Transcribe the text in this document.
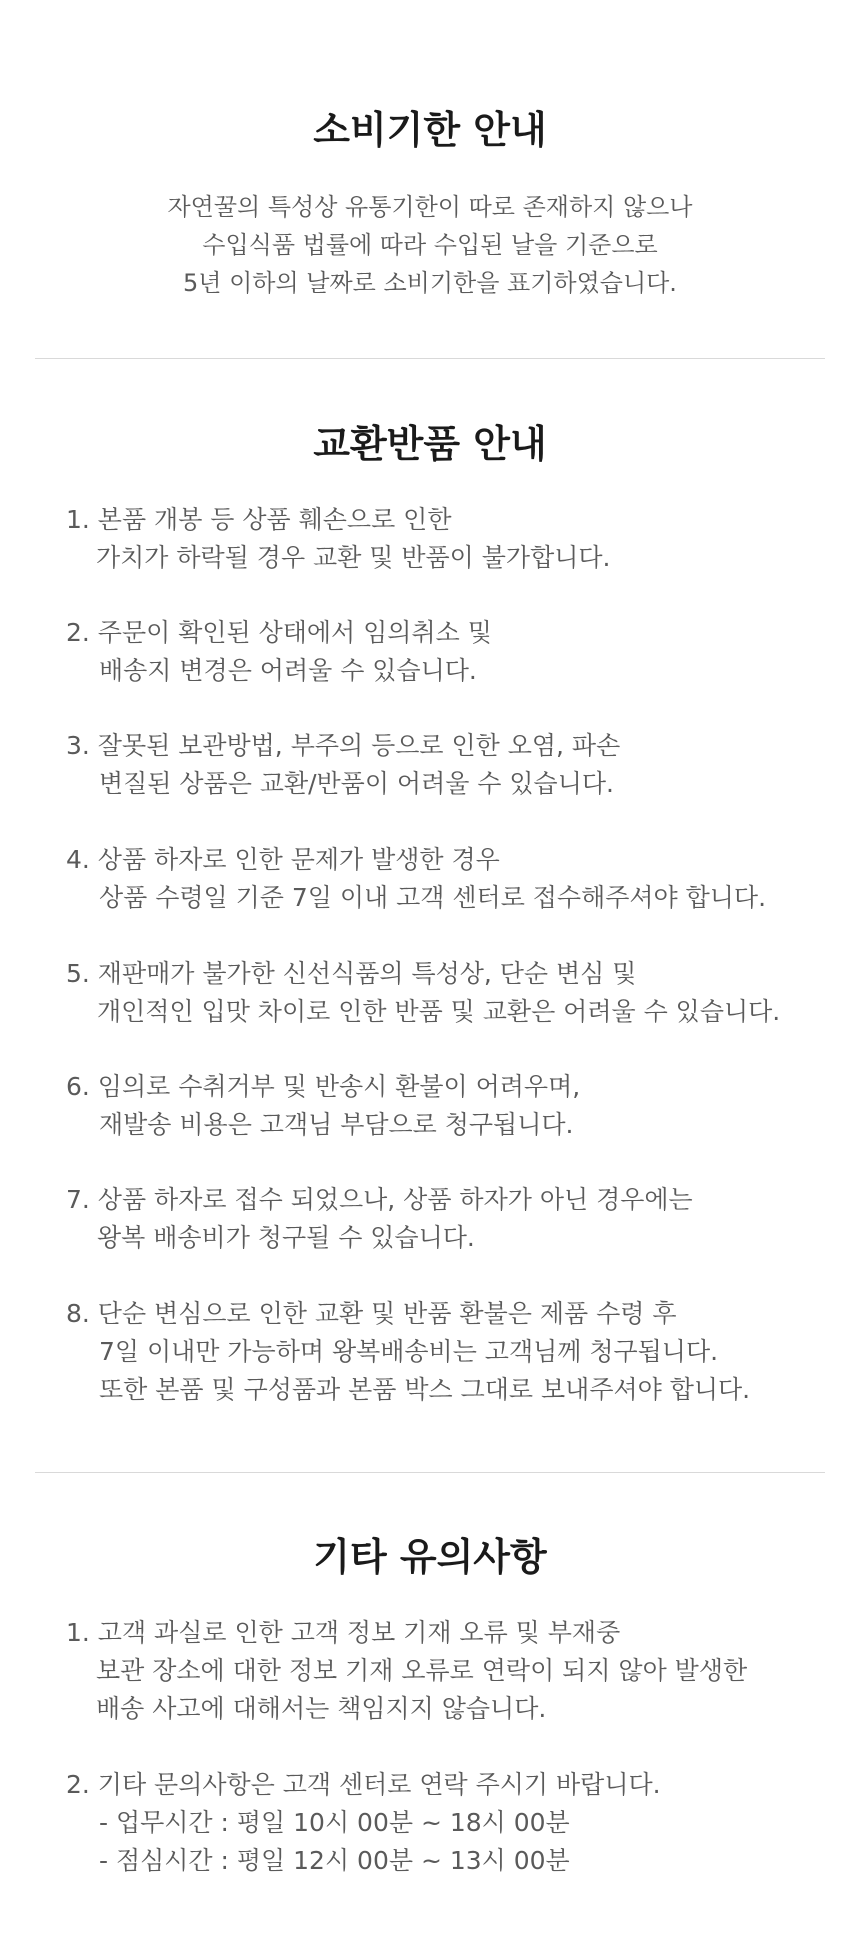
소비기한 안내
자연꿀의 특성상 유통기한이 따로 존재하지 않으나
수입식품 법률에 따라 수입된 날을 기준으로
5년 이하의 날짜로 소비기한을 표기하였습니다.
교환반품 안내
1. 본품 개봉 등 상품 훼손으로 인한
가치가 하락될 경우 교환 및 반품이 불가합니다.
2. 주문이 확인된 상태에서 임의취소 및
배송지 변경은 어려울 수 있습니다.
3. 잘못된 보관방법, 부주의 등으로 인한 오염, 파손
변질된 상품은 교환/반품이 어려울 수 있습니다.
4. 상품 하자로 인한 문제가 발생한 경우
상품 수령일 기준 7일 이내 고객 센터로 접수해주셔야 합니다.
5. 재판매가 불가한 신선식품의 특성상, 단순 변심 및
개인적인 입맛 차이로 인한 반품 및 교환은 어려울 수 있습니다.
6. 임의로 수취거부 및 반송시 환불이 어려우며,
재발송 비용은 고객님 부담으로 청구됩니다.
7. 상품 하자로 접수 되었으나, 상품 하자가 아닌 경우에는
왕복 배송비가 청구될 수 있습니다.
8. 단순 변심으로 인한 교환 및 반품 환불은 제품 수령 후
7일 이내만 가능하며 왕복배송비는 고객님께 청구됩니다.
또한 본품 및 구성품과 본품 박스 그대로 보내주셔야 합니다.
기타 유의사항
1. 고객 과실로 인한 고객 정보 기재 오류 및 부재중
보관 장소에 대한 정보 기재 오류로 연락이 되지 않아 발생한
배송 사고에 대해서는 책임지지 않습니다.
2. 기타 문의사항은 고객 센터로 연락 주시기 바랍니다.
- 업무시간 : 평일 10시 00분 ~ 18시 00분
- 점심시간 : 평일 12시 00분 ~ 13시 00분
